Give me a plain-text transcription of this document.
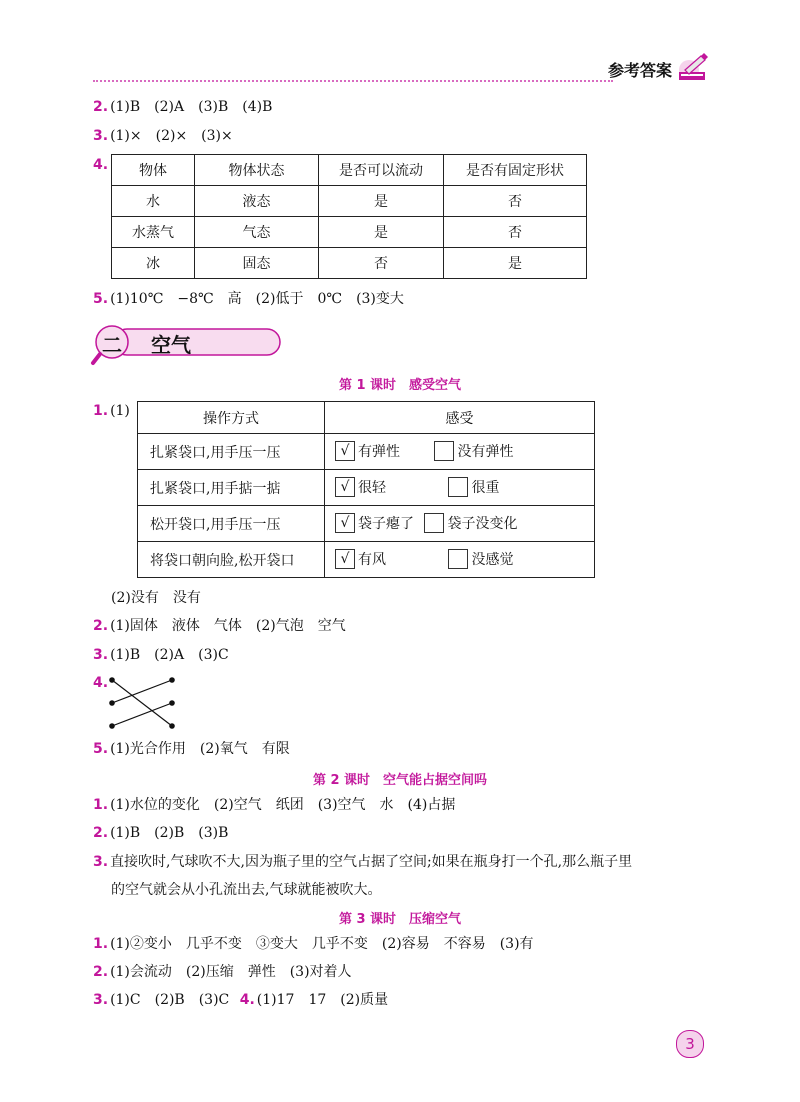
参考答案
2. (1)B　(2)A　(3)B　(4)B
3. (1)×　(2)×　(3)×
4. 物体	物体状态	是否可以流动	是否有固定形状
水	液态	是	否
水蒸气	气态	是	否
冰	固态	否	是
5. (1)10℃　−8℃　高　(2)低于　0℃　(3)变大
二 空气
第 1 课时　感受空气
1. (1)	操作方式	感受
扎紧袋口,用手压一压	√ 有弹性 没有弹性
扎紧袋口,用手掂一掂	√ 很轻 很重
松开袋口,用手压一压	√ 袋子瘪了 袋子没变化
将袋口朝向脸,松开袋口	√ 有风 没感觉
(2)没有　没有
2. (1)固体　液体　气体　(2)气泡　空气
3. (1)B　(2)A　(3)C
4.
5. (1)光合作用　(2)氧气　有限
第 2 课时　空气能占据空间吗
1. (1)水位的变化　(2)空气　纸团　(3)空气　水　(4)占据
2. (1)B　(2)B　(3)B
3. 直接吹时,气球吹不大,因为瓶子里的空气占据了空间;如果在瓶身打一个孔,那么瓶子里
的空气就会从小孔流出去,气球就能被吹大。
第 3 课时　压缩空气
1. (1)②变小　几乎不变　③变大　几乎不变　(2)容易　不容易　(3)有
2. (1)会流动　(2)压缩　弹性　(3)对着人
3. (1)C　(2)B　(3)C 4. (1)17　17　(2)质量
3
